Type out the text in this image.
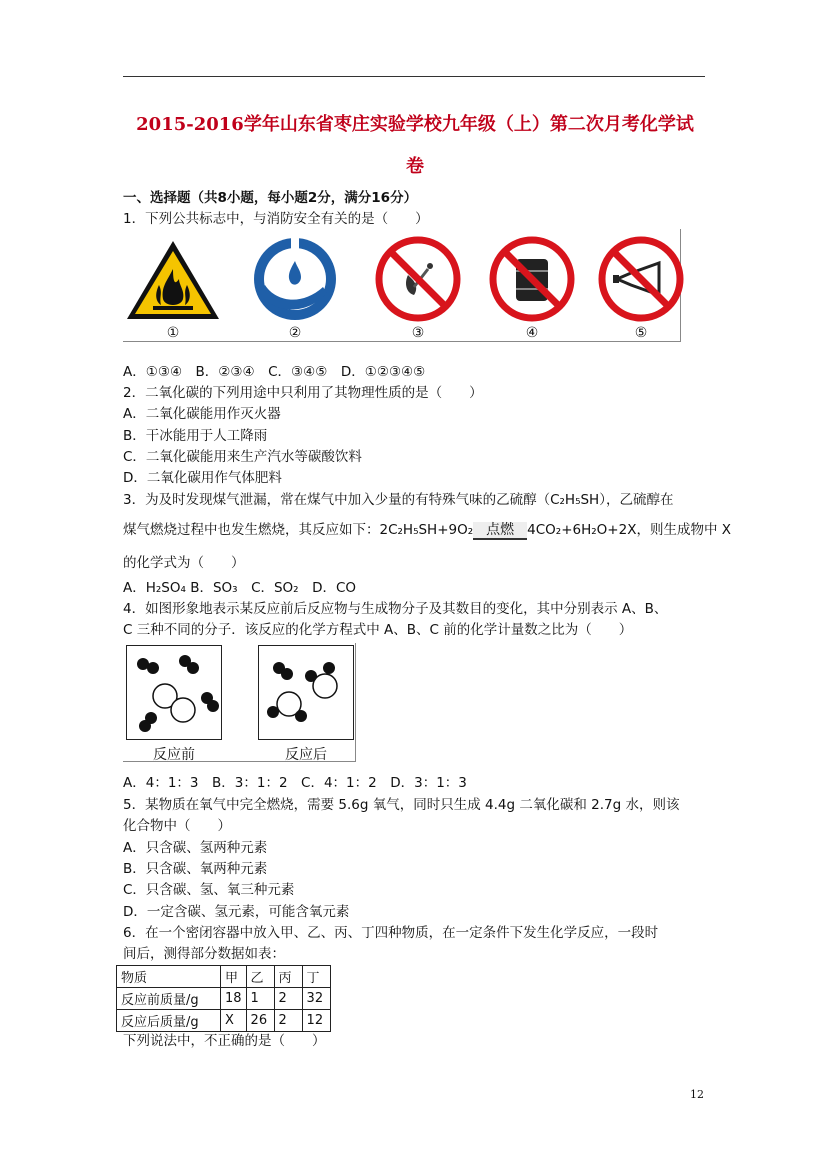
2015-2016学年山东省枣庄实验学校九年级（上）第二次月考化学试
卷
一、选择题（共8小题，每小题2分，满分16分）
1．下列公共标志中，与消防安全有关的是（　　）
①	②	③	④	⑤
A．①③④　B．②③④　C．③④⑤　D．①②③④⑤
2．二氧化碳的下列用途中只利用了其物理性质的是（　　）
A．二氧化碳能用作灭火器
B．干冰能用于人工降雨
C．二氧化碳能用来生产汽水等碳酸饮料
D．二氧化碳用作气体肥料
3．为及时发现煤气泄漏，常在煤气中加入少量的有特殊气味的乙硫醇（C₂H₅SH），乙硫醇在
煤气燃烧过程中也发生燃烧，其反应如下：2C₂H₅SH+9O₂ 点燃 4CO₂+6H₂O+2X，则生成物中 X
的化学式为（　　）
A．H₂SO₄ B．SO₃　C．SO₂　D．CO
4．如图形象地表示某反应前后反应物与生成物分子及其数目的变化，其中分别表示 A、B、
C 三种不同的分子．该反应的化学方程式中 A、B、C 前的化学计量数之比为（　　）
反应前	反应后
A．4：1：3　B．3：1：2　C．4：1：2　D．3：1：3
5．某物质在氧气中完全燃烧，需要 5.6g 氧气，同时只生成 4.4g 二氧化碳和 2.7g 水，则该
化合物中（　　）
A．只含碳、氢两种元素
B．只含碳、氧两种元素
C．只含碳、氢、氧三种元素
D．一定含碳、氢元素，可能含氧元素
6．在一个密闭容器中放入甲、乙、丙、丁四种物质，在一定条件下发生化学反应，一段时
间后，测得部分数据如表：
物质	甲	乙	丙	丁
反应前质量/g	18	1	2	32
反应后质量/g	X	26	2	12
下列说法中，不正确的是（　　）
12
